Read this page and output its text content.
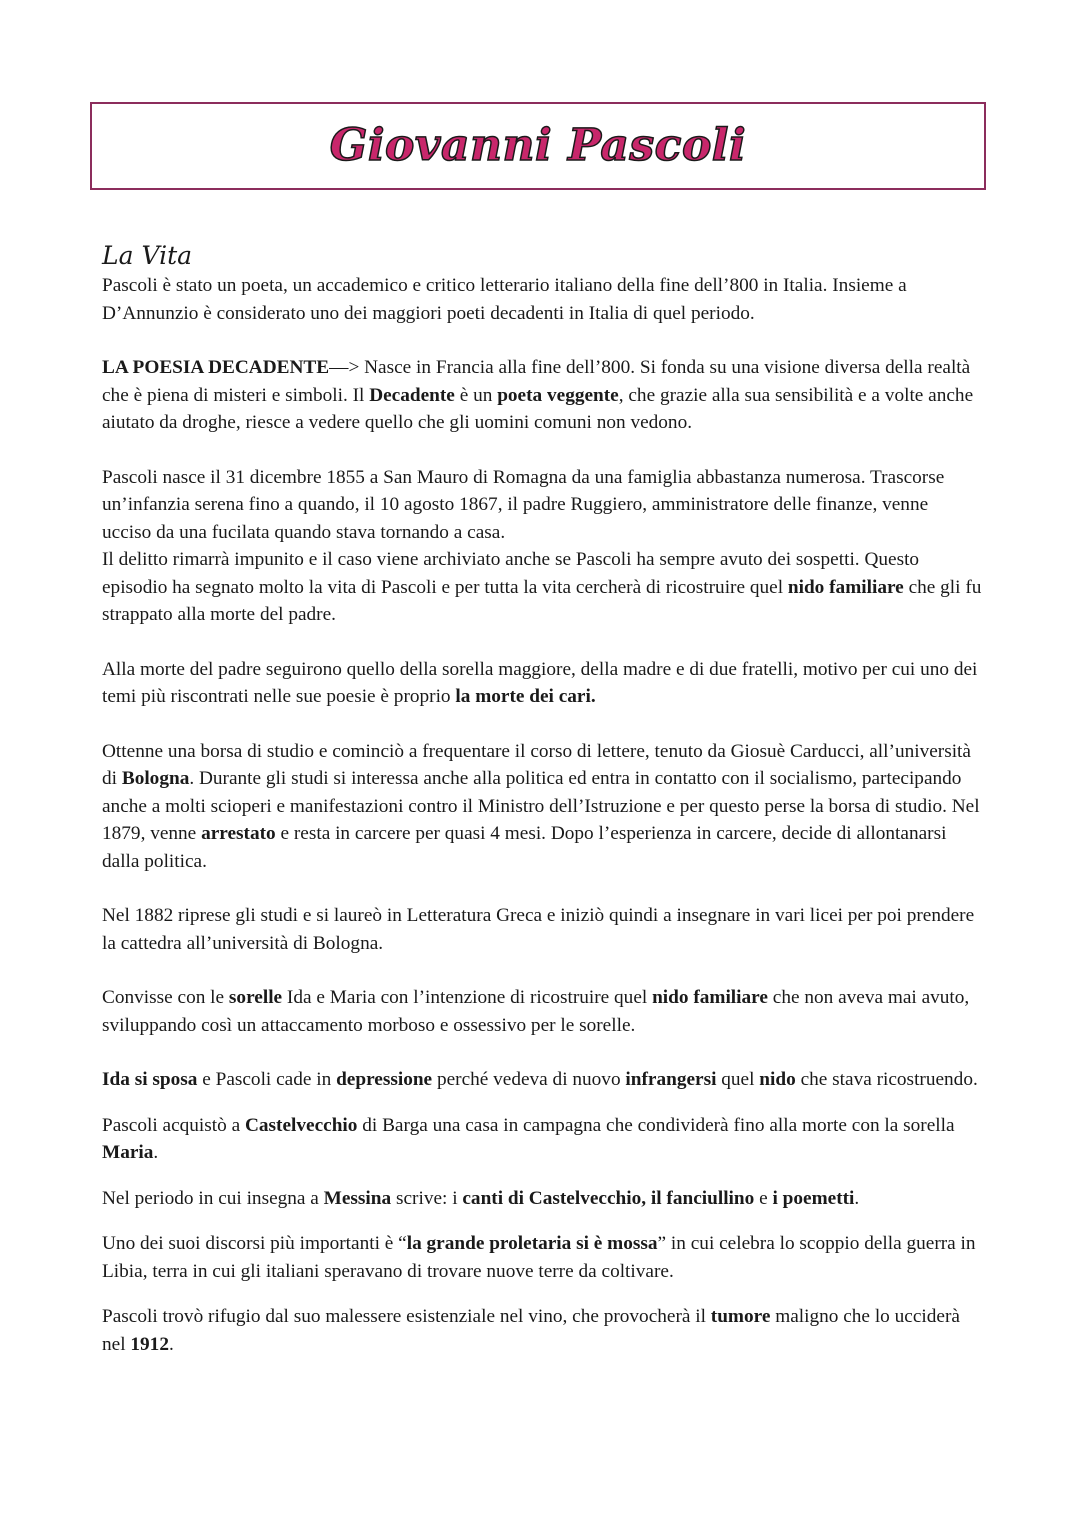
Giovanni Pascoli
La Vita

Pascoli è stato un poeta, un accademico e critico letterario italiano della fine dell’800 in Italia. Insieme a D’Annunzio è considerato uno dei maggiori poeti decadenti in Italia di quel periodo.

LA POESIA DECADENTE—> Nasce in Francia alla fine dell’800. Si fonda su una visione diversa della realtà che è piena di misteri e simboli. Il Decadente è un poeta veggente, che grazie alla sua sensibilità e a volte anche aiutato da droghe, riesce a vedere quello che gli uomini comuni non vedono.

Pascoli nasce il 31 dicembre 1855 a San Mauro di Romagna da una famiglia abbastanza numerosa. Trascorse un’infanzia serena fino a quando, il 10 agosto 1867, il padre Ruggiero, amministratore delle finanze, venne ucciso da una fucilata quando stava tornando a casa.

Il delitto rimarrà impunito e il caso viene archiviato anche se Pascoli ha sempre avuto dei sospetti. Questo episodio ha segnato molto la vita di Pascoli e per tutta la vita cercherà di ricostruire quel nido familiare che gli fu strappato alla morte del padre.

Alla morte del padre seguirono quello della sorella maggiore, della madre e di due fratelli, motivo per cui uno dei temi più riscontrati nelle sue poesie è proprio la morte dei cari.

Ottenne una borsa di studio e cominciò a frequentare il corso di lettere, tenuto da Giosuè Carducci, all’università di Bologna. Durante gli studi si interessa anche alla politica ed entra in contatto con il socialismo, partecipando anche a molti scioperi e manifestazioni contro il Ministro dell’Istruzione e per questo perse la borsa di studio. Nel 1879, venne arrestato e resta in carcere per quasi 4 mesi. Dopo l’esperienza in carcere, decide di allontanarsi dalla politica.

Nel 1882 riprese gli studi e si laureò in Letteratura Greca e iniziò quindi a insegnare in vari licei per poi prendere la cattedra all’università di Bologna.

Convisse con le sorelle Ida e Maria con l’intenzione di ricostruire quel nido familiare che non aveva mai avuto, sviluppando così un attaccamento morboso e ossessivo per le sorelle.

Ida si sposa e Pascoli cade in depressione perché vedeva di nuovo infrangersi quel nido che stava ricostruendo.

Pascoli acquistò a Castelvecchio di Barga una casa in campagna che condividerà fino alla morte con la sorella Maria.

Nel periodo in cui insegna a Messina scrive: i canti di Castelvecchio, il fanciullino e i poemetti.

Uno dei suoi discorsi più importanti è “la grande proletaria si è mossa” in cui celebra lo scoppio della guerra in Libia, terra in cui gli italiani speravano di trovare nuove terre da coltivare.

Pascoli trovò rifugio dal suo malessere esistenziale nel vino, che provocherà il tumore maligno che lo ucciderà nel 1912.
